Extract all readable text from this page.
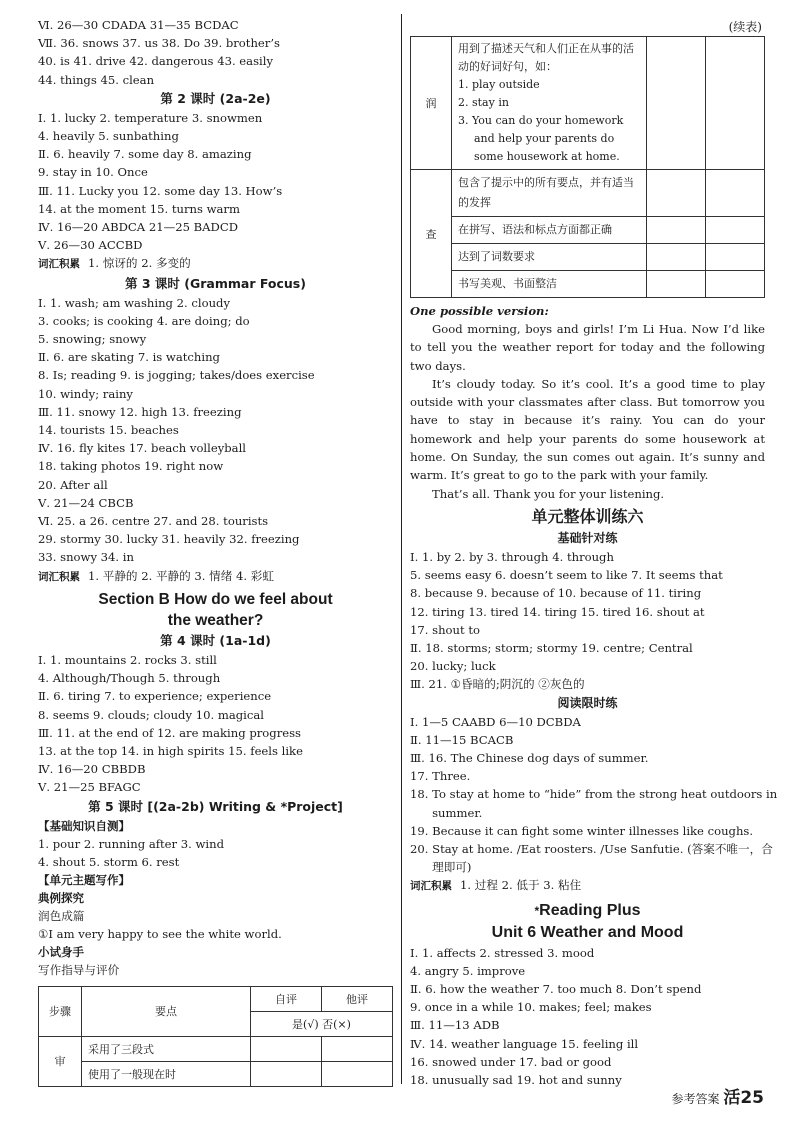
Ⅵ. 26—30 CDADA 31—35 BCDAC
Ⅶ. 36. snows 37. us 38. Do 39. brother’s
40. is 41. drive 42. dangerous 43. easily
44. things 45. clean
第 2 课时 (2a-2e)
Ⅰ. 1. lucky 2. temperature 3. snowmen
4. heavily 5. sunbathing
Ⅱ. 6. heavily 7. some day 8. amazing
9. stay in 10. Once
Ⅲ. 11. Lucky you 12. some day 13. How’s
14. at the moment 15. turns warm
Ⅳ. 16—20 ABDCA 21—25 BADCD
Ⅴ. 26—30 ACCBD
词汇积累 1. 惊讶的 2. 多变的
第 3 课时 (Grammar Focus)
Ⅰ. 1. wash; am washing 2. cloudy
3. cooks; is cooking 4. are doing; do
5. snowing; snowy
Ⅱ. 6. are skating 7. is watching
8. Is; reading 9. is jogging; takes/does exercise
10. windy; rainy
Ⅲ. 11. snowy 12. high 13. freezing
14. tourists 15. beaches
Ⅳ. 16. fly kites 17. beach volleyball
18. taking photos 19. right now
20. After all
Ⅴ. 21—24 CBCB
Ⅵ. 25. a 26. centre 27. and 28. tourists
29. stormy 30. lucky 31. heavily 32. freezing
33. snowy 34. in
词汇积累 1. 平静的 2. 平静的 3. 情绪 4. 彩虹
Section B How do we feel about
the weather?
第 4 课时 (1a-1d)
Ⅰ. 1. mountains 2. rocks 3. still
4. Although/Though 5. through
Ⅱ. 6. tiring 7. to experience; experience
8. seems 9. clouds; cloudy 10. magical
Ⅲ. 11. at the end of 12. are making progress
13. at the top 14. in high spirits 15. feels like
Ⅳ. 16—20 CBBDB
Ⅴ. 21—25 BFAGC
第 5 课时 [(2a-2b) Writing & *Project]
【基础知识自测】
1. pour 2. running after 3. wind
4. shout 5. storm 6. rest
【单元主题写作】
典例探究
润色成篇
①I am very happy to see the white world.
小试身手
写作指导与评价
步骤	要点	自评	他评
		是(√) 否(×)	
审	采用了三段式		
	使用了一般现在时		
(续表)
润	用到了描述天气和人们正在从事的活动的好词好句，如：
1. play outside
2. stay in
3. You can do your homework and help your parents do some housework at home.		

查	包含了提示中的所有要点，并有适当的发挥		
	在拼写、语法和标点方面都正确		
	达到了词数要求		
	书写美观、书面整洁		
One possible version:
Good morning, boys and girls! I’m Li Hua. Now I’d like to tell you the weather report for today and the following two days.
It’s cloudy today. So it’s cool. It’s a good time to play outside with your classmates after class. But tomorrow you have to stay in because it’s rainy. You can do your homework and help your parents do some housework at home. On Sunday, the sun comes out again. It’s sunny and warm. It’s great to go to the park with your family.
That’s all. Thank you for your listening.
单元整体训练六
基础针对练
Ⅰ. 1. by 2. by 3. through 4. through
5. seems easy 6. doesn’t seem to like 7. It seems that
8. because 9. because of 10. because of 11. tiring
12. tiring 13. tired 14. tiring 15. tired 16. shout at
17. shout to
Ⅱ. 18. storms; storm; stormy 19. centre; Central
20. lucky; luck
Ⅲ. 21. ①昏暗的;阴沉的 ②灰色的
阅读限时练
Ⅰ. 1—5 CAABD 6—10 DCBDA
Ⅱ. 11—15 BCACB
Ⅲ. 16. The Chinese dog days of summer.
17. Three.
18. To stay at home to “hide” from the strong heat outdoors in
summer.
19. Because it can fight some winter illnesses like coughs.
20. Stay at home. /Eat roosters. /Use Sanfutie. (答案不唯一，合
理即可)
词汇积累 1. 过程 2. 低于 3. 粘住
*Reading Plus
Unit 6 Weather and Mood
Ⅰ. 1. affects 2. stressed 3. mood
4. angry 5. improve
Ⅱ. 6. how the weather 7. too much 8. Don’t spend
9. once in a while 10. makes; feel; makes
Ⅲ. 11—13 ADB
Ⅳ. 14. weather language 15. feeling ill
16. snowed under 17. bad or good
18. unusually sad 19. hot and sunny
参考答案 活25
